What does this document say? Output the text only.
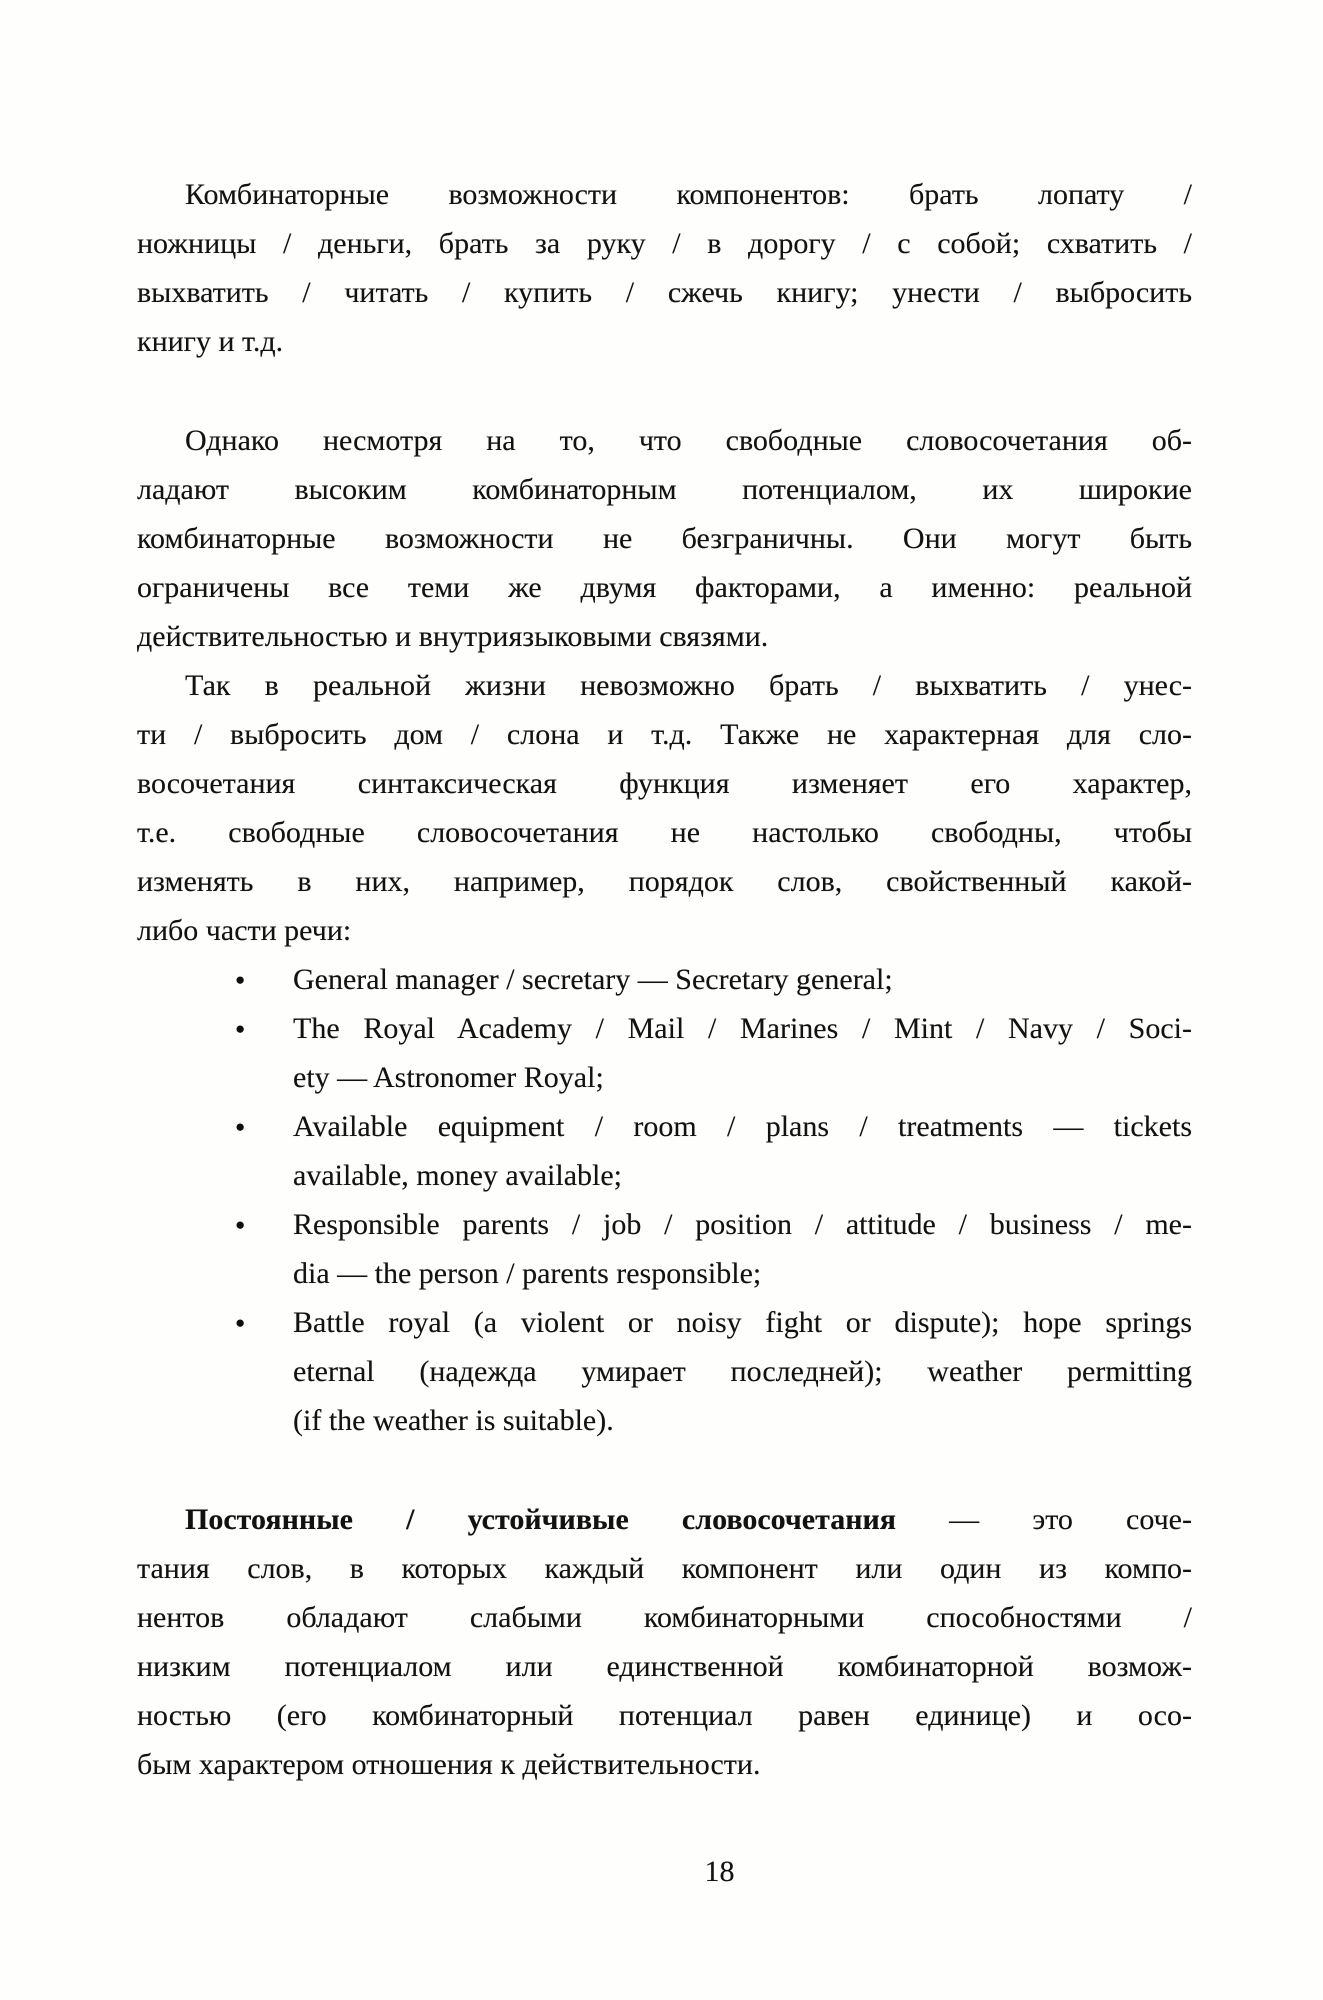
Комбинаторные возможности компонентов: брать лопату /
ножницы / деньги, брать за руку / в дорогу / с собой; схватить /
выхватить / читать / купить / сжечь книгу; унести / выбросить
книгу и т.д.
Однако несмотря на то, что свободные словосочетания об-
ладают высоким комбинаторным потенциалом, их широкие
комбинаторные возможности не безграничны. Они могут быть
ограничены все теми же двумя факторами, а именно: реальной
действительностью и внутриязыковыми связями.
Так в реальной жизни невозможно брать / выхватить / унес-
ти / выбросить дом / слона и т.д. Также не характерная для сло-
восочетания синтаксическая функция изменяет его характер,
т.е. свободные словосочетания не настолько свободны, чтобы
изменять в них, например, порядок слов, свойственный какой-
либо части речи:
●	General manager / secretary — Secretary general;
●	The Royal Academy / Mail / Marines / Mint / Navy / Soci-
ety — Astronomer Royal;
●	Available equipment / room / plans / treatments — tickets
available, money available;
●	Responsible parents / job / position / attitude / business / me-
dia — the person / parents responsible;
●	Battle royal (a violent or noisy fight or dispute); hope springs
eternal (надежда умирает последней); weather permitting
(if the weather is suitable).
Постоянные / устойчивые словосочетания — это соче-
тания слов, в которых каждый компонент или один из компо-
нентов обладают слабыми комбинаторными способностями /
низким потенциалом или единственной комбинаторной возмож-
ностью (его комбинаторный потенциал равен единице) и осо-
бым характером отношения к действительности.
18
